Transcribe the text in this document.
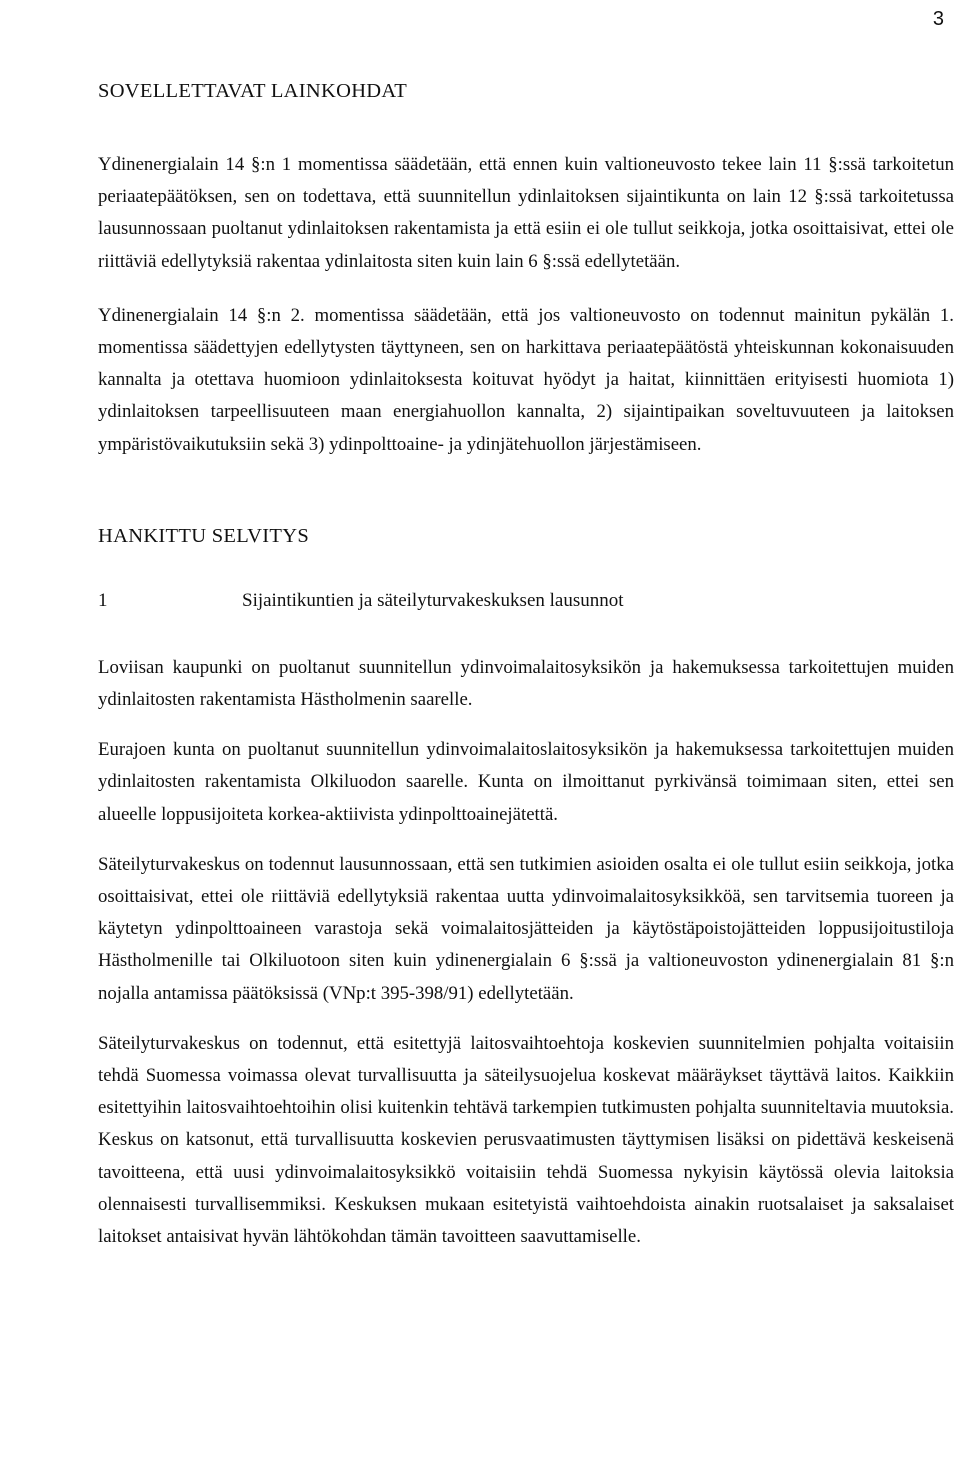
3
SOVELLETTAVAT LAINKOHDAT

Ydinenergialain 14 §:n 1 momentissa säädetään, että ennen kuin valtioneuvosto tekee lain 11 §:ssä tarkoitetun periaatepäätöksen, sen on todettava, että suunnitellun ydinlaitoksen sijaintikunta on lain 12 §:ssä tarkoitetussa lausunnossaan puoltanut ydinlaitoksen rakentamista ja että esiin ei ole tullut seikkoja, jotka osoittaisivat, ettei ole riittäviä edellytyksiä rakentaa ydinlaitosta siten kuin lain 6 §:ssä edellytetään.

Ydinenergialain 14 §:n 2. momentissa säädetään, että jos valtioneuvosto on todennut mainitun pykälän 1. momentissa säädettyjen edellytysten täyttyneen, sen on harkittava periaatepäätöstä yhteiskunnan kokonaisuuden kannalta ja otettava huomioon ydinlaitoksesta koituvat hyödyt ja haitat, kiinnittäen erityisesti huomiota 1) ydinlaitoksen tarpeellisuuteen maan energiahuollon kannalta, 2) sijaintipaikan soveltuvuuteen ja laitoksen ympäristövaikutuksiin sekä 3) ydinpolttoaine- ja ydinjätehuollon järjestämiseen.

HANKITTU SELVITYS
1	Sijaintikuntien ja säteilyturvakeskuksen lausunnot

Loviisan kaupunki on puoltanut suunnitellun ydinvoimalaitosyksikön ja hakemuksessa tarkoitettujen muiden ydinlaitosten rakentamista Hästholmenin saarelle.

Eurajoen kunta on puoltanut suunnitellun ydinvoimalaitoslaitosyksikön ja hakemuksessa tarkoitettujen muiden ydinlaitosten rakentamista Olkiluodon saarelle. Kunta on ilmoittanut pyrkivänsä toimimaan siten, ettei sen alueelle loppusijoiteta korkea-aktiivista ydinpolttoainejätettä.

Säteilyturvakeskus on todennut lausunnossaan, että sen tutkimien asioiden osalta ei ole tullut esiin seikkoja, jotka osoittaisivat, ettei ole riittäviä edellytyksiä rakentaa uutta ydinvoimalaitosyksikköä, sen tarvitsemia tuoreen ja käytetyn ydinpolttoaineen varastoja sekä voimalaitosjätteiden ja käytöstäpoistojätteiden loppusijoitustiloja Hästholmenille tai Olkiluotoon siten kuin ydinenergialain 6 §:ssä ja valtioneuvoston ydinenergialain 81 §:n nojalla antamissa päätöksissä (VNp:t 395-398/91) edellytetään.

Säteilyturvakeskus on todennut, että esitettyjä laitosvaihtoehtoja koskevien suunnitelmien pohjalta voitaisiin tehdä Suomessa voimassa olevat turvallisuutta ja säteilysuojelua koskevat määräykset täyttävä laitos. Kaikkiin esitettyihin laitosvaihtoehtoihin olisi kuitenkin tehtävä tarkempien tutkimusten pohjalta suunniteltavia muutoksia. Keskus on katsonut, että turvallisuutta koskevien perusvaatimusten täyttymisen lisäksi on pidettävä keskeisenä tavoitteena, että uusi ydinvoimalaitosyksikkö voitaisiin tehdä Suomessa nykyisin käytössä olevia laitoksia olennaisesti turvallisemmiksi. Keskuksen mukaan esitetyistä vaihtoehdoista ainakin ruotsalaiset ja saksalaiset laitokset antaisivat hyvän lähtökohdan tämän tavoitteen saavuttamiselle.
